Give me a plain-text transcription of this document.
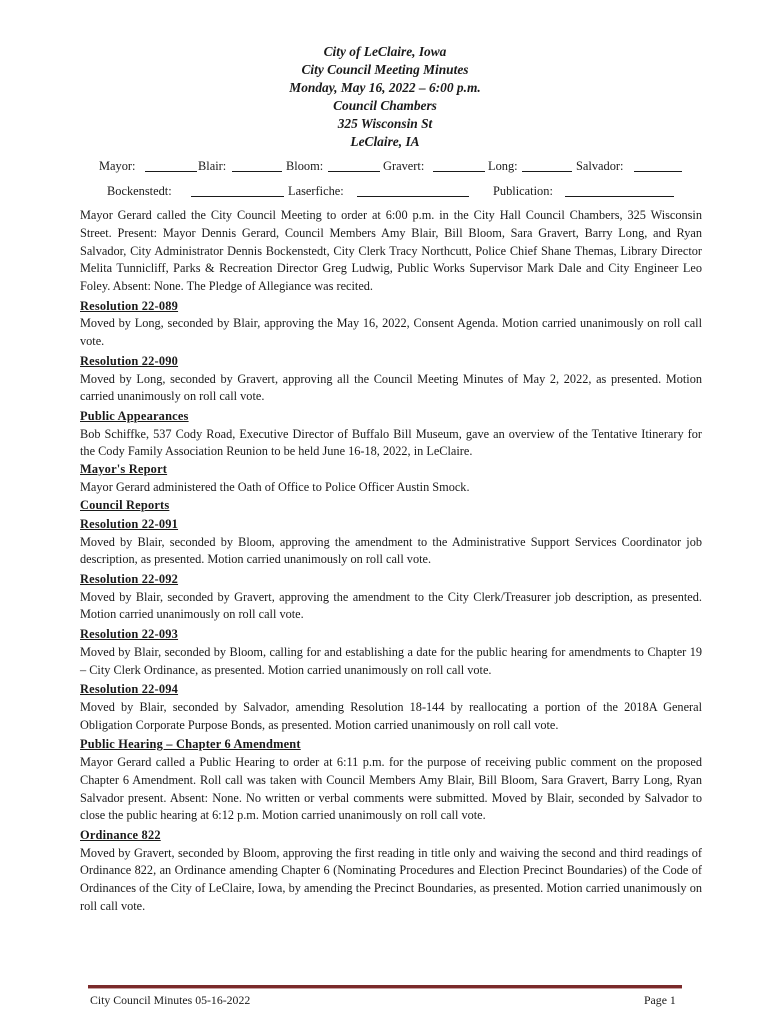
City of LeClaire, Iowa
City Council Meeting Minutes
Monday, May 16, 2022 – 6:00 p.m.
Council Chambers
325 Wisconsin St
LeClaire, IA
Mayor:	Blair:	Bloom:	Gravert:	Long:	Salvador:
Bockenstedt:	Laserfiche:	Publication:

Mayor Gerard called the City Council Meeting to order at 6:00 p.m. in the City Hall Council Chambers, 325 Wisconsin Street. Present: Mayor Dennis Gerard, Council Members Amy Blair, Bill Bloom, Sara Gravert, Barry Long, and Ryan Salvador, City Administrator Dennis Bockenstedt, City Clerk Tracy Northcutt, Police Chief Shane Themas, Library Director Melita Tunnicliff, Parks & Recreation Director Greg Ludwig, Public Works Supervisor Mark Dale and City Engineer Leo Foley. Absent: None. The Pledge of Allegiance was recited.

Resolution 22-089

Moved by Long, seconded by Blair, approving the May 16, 2022, Consent Agenda. Motion carried unanimously on roll call vote.

Resolution 22-090

Moved by Long, seconded by Gravert, approving all the Council Meeting Minutes of May 2, 2022, as presented. Motion carried unanimously on roll call vote.

Public Appearances

Bob Schiffke, 537 Cody Road, Executive Director of Buffalo Bill Museum, gave an overview of the Tentative Itinerary for the Cody Family Association Reunion to be held June 16-18, 2022, in LeClaire.

Mayor's Report

Mayor Gerard administered the Oath of Office to Police Officer Austin Smock.

Council Reports
Resolution 22-091

Moved by Blair, seconded by Bloom, approving the amendment to the Administrative Support Services Coordinator job description, as presented. Motion carried unanimously on roll call vote.

Resolution 22-092

Moved by Blair, seconded by Gravert, approving the amendment to the City Clerk/Treasurer job description, as presented. Motion carried unanimously on roll call vote.

Resolution 22-093

Moved by Blair, seconded by Bloom, calling for and establishing a date for the public hearing for amendments to Chapter 19 – City Clerk Ordinance, as presented. Motion carried unanimously on roll call vote.

Resolution 22-094

Moved by Blair, seconded by Salvador, amending Resolution 18-144 by reallocating a portion of the 2018A General Obligation Corporate Purpose Bonds, as presented. Motion carried unanimously on roll call vote.

Public Hearing – Chapter 6 Amendment

Mayor Gerard called a Public Hearing to order at 6:11 p.m. for the purpose of receiving public comment on the proposed Chapter 6 Amendment. Roll call was taken with Council Members Amy Blair, Bill Bloom, Sara Gravert, Barry Long, Ryan Salvador present. Absent: None. No written or verbal comments were submitted. Moved by Blair, seconded by Salvador to close the public hearing at 6:12 p.m. Motion carried unanimously on roll call vote.

Ordinance 822

Moved by Gravert, seconded by Bloom, approving the first reading in title only and waiving the second and third readings of Ordinance 822, an Ordinance amending Chapter 6 (Nominating Procedures and Election Precinct Boundaries) of the Code of Ordinances of the City of LeClaire, Iowa, by amending the Precinct Boundaries, as presented. Motion carried unanimously on roll call vote.

City Council Minutes 05-16-2022	Page 1
